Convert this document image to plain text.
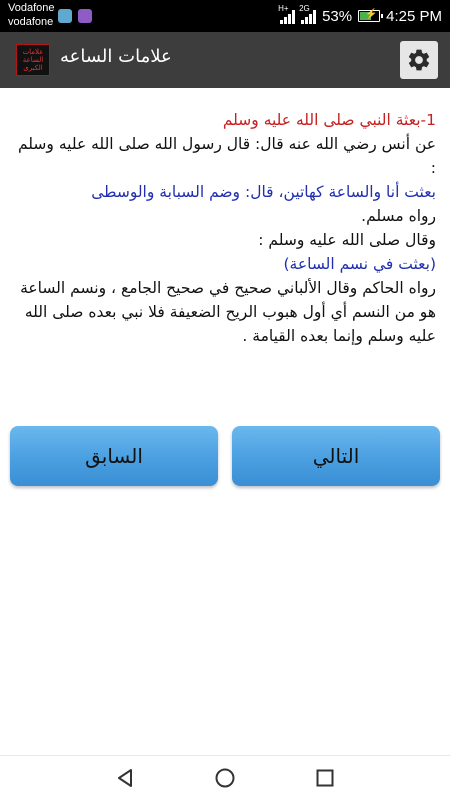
Vodafone
vodafone
H+ 2G 53% ⚡ 4:25 PM
علامات الساعة الكبرى
علامات الساعه

1-بعثة النبي صلى الله عليه وسلم

عن أنس رضي الله عنه قال: قال رسول الله صلى الله عليه وسلم :

بعثت أنا والساعة كهاتين، قال: وضم السبابة والوسطى

رواه مسلم.

وقال صلى الله عليه وسلم :

(بعثت في نسم الساعة)

رواه الحاكم وقال الألباني صحيح في صحيح الجامع ، ونسم الساعة هو من النسم أي أول هبوب الريح الضعيفة فلا نبي بعده صلى الله عليه وسلم وإنما بعده القيامة .

السابق	التالي
